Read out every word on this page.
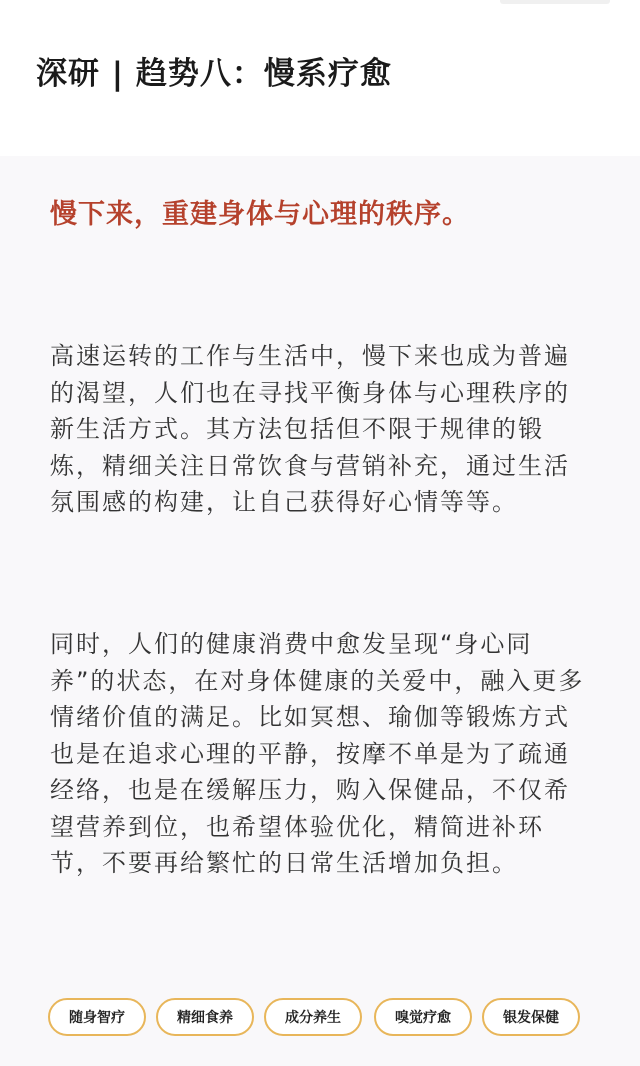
深研 | 趋势八：慢系疗愈
慢下来，重建身体与心理的秩序。

高速运转的工作与生活中，慢下来也成为普遍的渴望，人们也在寻找平衡身体与心理秩序的新生活方式。其方法包括但不限于规律的锻炼，精细关注日常饮食与营销补充，通过生活氛围感的构建，让自己获得好心情等等。

同时，人们的健康消费中愈发呈现“身心同养”的状态，在对身体健康的关爱中，融入更多情绪价值的满足。比如冥想、瑜伽等锻炼方式也是在追求心理的平静，按摩不单是为了疏通经络，也是在缓解压力，购入保健品，不仅希望营养到位，也希望体验优化，精简进补环节，不要再给繁忙的日常生活增加负担。

随身智疗	精细食养	成分养生	嗅觉疗愈	银发保健
